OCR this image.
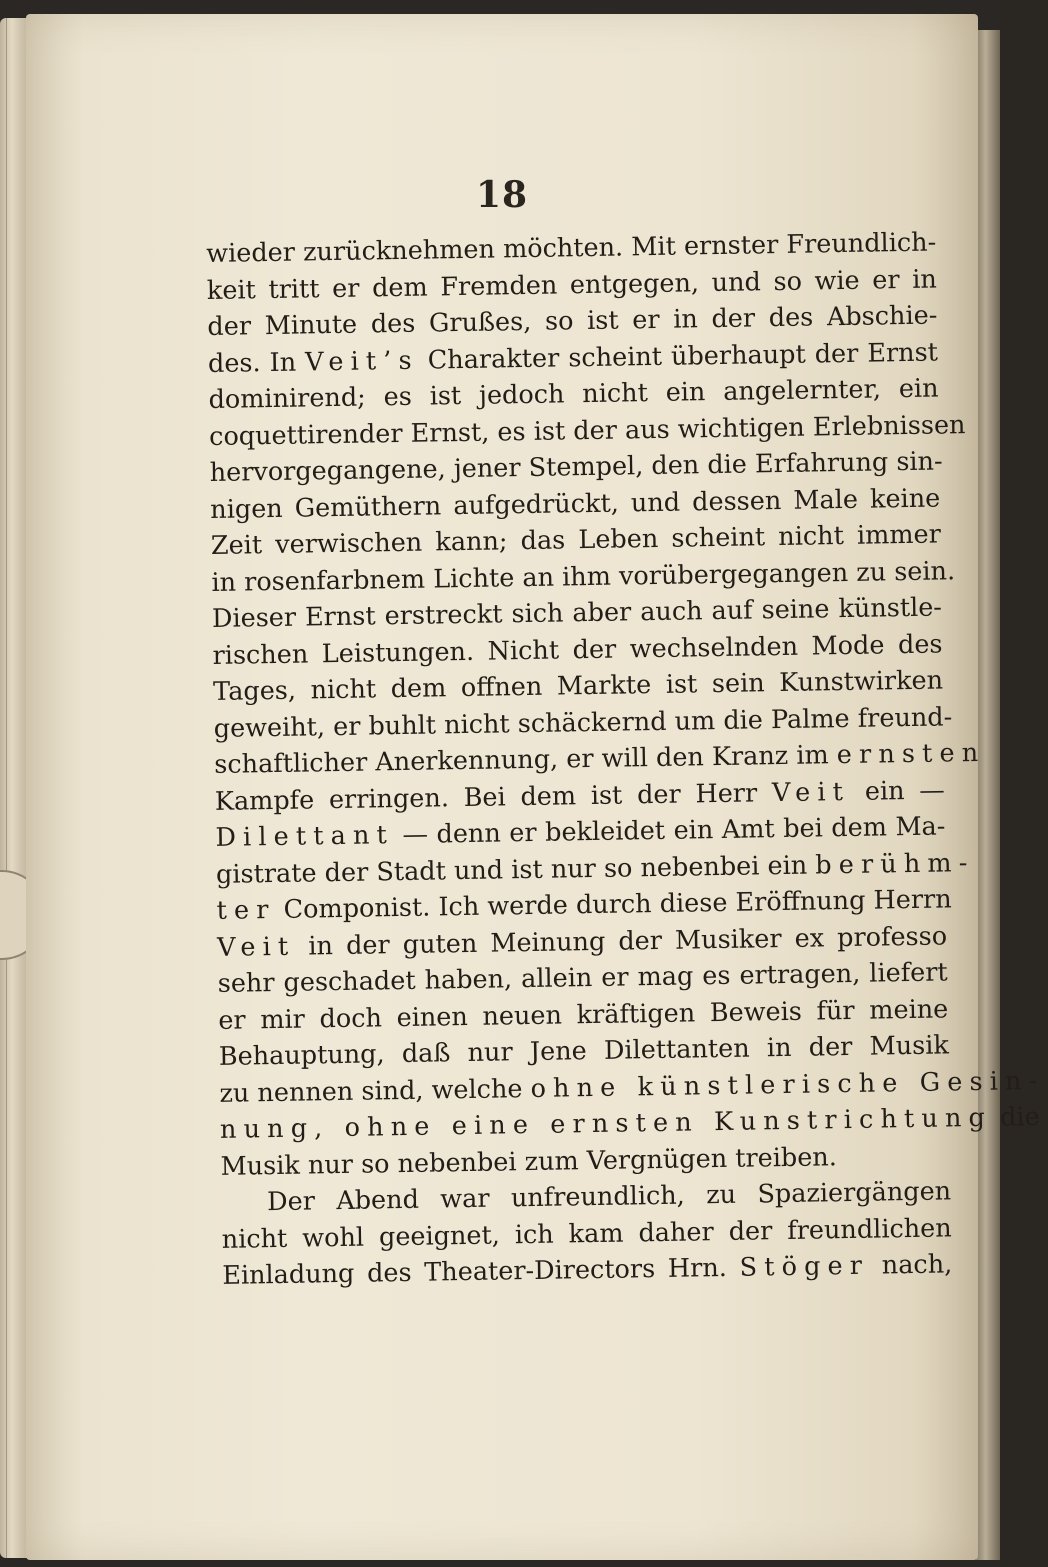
18
wieder zurücknehmen möchten. Mit ernster Freundlich-
keit tritt er dem Fremden entgegen, und so wie er in
der Minute des Grußes, so ist er in der des Abschie-
des. In Veit’s Charakter scheint überhaupt der Ernst
dominirend; es ist jedoch nicht ein angelernter, ein
coquettirender Ernst, es ist der aus wichtigen Erlebnissen
hervorgegangene, jener Stempel, den die Erfahrung sin-
nigen Gemüthern aufgedrückt, und dessen Male keine
Zeit verwischen kann; das Leben scheint nicht immer
in rosenfarbnem Lichte an ihm vorübergegangen zu sein.
Dieser Ernst erstreckt sich aber auch auf seine künstle-
rischen Leistungen. Nicht der wechselnden Mode des
Tages, nicht dem offnen Markte ist sein Kunstwirken
geweiht, er buhlt nicht schäckernd um die Palme freund-
schaftlicher Anerkennung, er will den Kranz im ernsten
Kampfe erringen. Bei dem ist der Herr Veit ein —
Dilettant — denn er bekleidet ein Amt bei dem Ma-
gistrate der Stadt und ist nur so nebenbei ein berühm-
ter Componist. Ich werde durch diese Eröffnung Herrn
Veit in der guten Meinung der Musiker ex professo
sehr geschadet haben, allein er mag es ertragen, liefert
er mir doch einen neuen kräftigen Beweis für meine
Behauptung, daß nur Jene Dilettanten in der Musik
zu nennen sind, welche ohne künstlerische Gesin-
nung, ohne eine ernsten Kunstrichtung die
Musik nur so nebenbei zum Vergnügen treiben.
Der Abend war unfreundlich, zu Spaziergängen
nicht wohl geeignet, ich kam daher der freundlichen
Einladung des Theater-Directors Hrn. Stöger nach,
